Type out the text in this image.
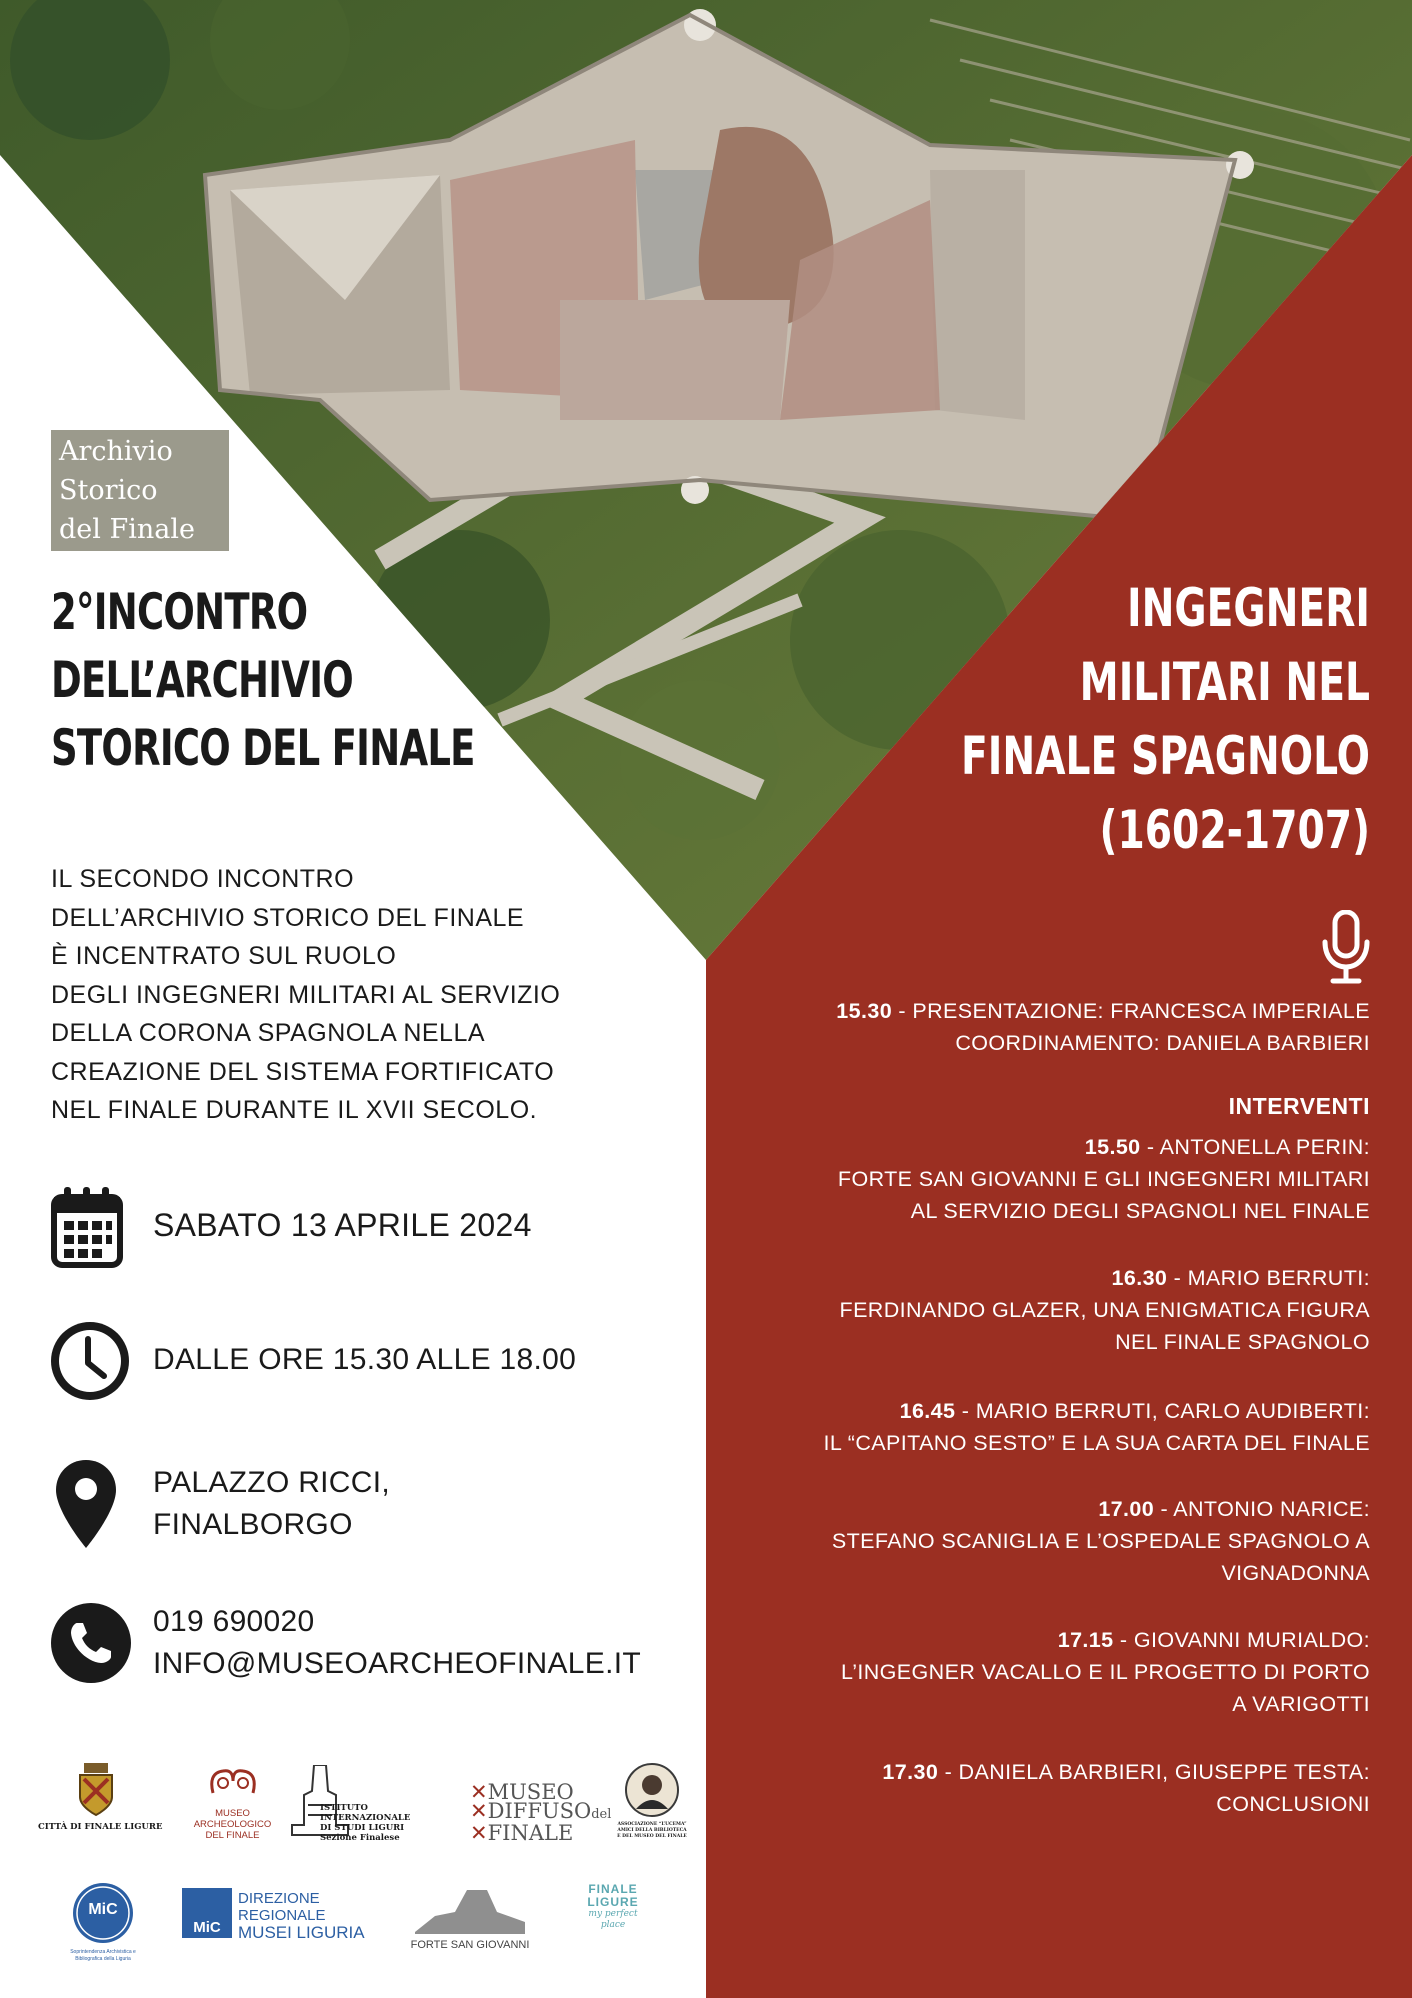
Archivio
Storico
del Finale
2°INCONTRO
DELL’ARCHIVIO
STORICO DEL FINALE
IL SECONDO INCONTRO
DELL’ARCHIVIO STORICO DEL FINALE
È INCENTRATO SUL RUOLO
DEGLI INGEGNERI MILITARI AL SERVIZIO
DELLA CORONA SPAGNOLA NELLA
CREAZIONE DEL SISTEMA FORTIFICATO
NEL FINALE DURANTE IL XVII SECOLO.
SABATO 13 APRILE 2024
DALLE ORE 15.30 ALLE 18.00
PALAZZO RICCI,
FINALBORGO
019 690020
INFO@MUSEOARCHEOFINALE.IT
INGEGNERI
MILITARI NEL
FINALE SPAGNOLO
(1602-1707)
15.30 - PRESENTAZIONE: FRANCESCA IMPERIALE
COORDINAMENTO: DANIELA BARBIERI
INTERVENTI
15.50 - ANTONELLA PERIN:
FORTE SAN GIOVANNI E GLI INGEGNERI MILITARI
AL SERVIZIO DEGLI SPAGNOLI NEL FINALE
16.30 - MARIO BERRUTI:
FERDINANDO GLAZER, UNA ENIGMATICA FIGURA
NEL FINALE SPAGNOLO
16.45 - MARIO BERRUTI, CARLO AUDIBERTI:
IL “CAPITANO SESTO” E LA SUA CARTA DEL FINALE
17.00 - ANTONIO NARICE:
STEFANO SCANIGLIA E L’OSPEDALE SPAGNOLO A
VIGNADONNA
17.15 - GIOVANNI MURIALDO:
L’INGEGNER VACALLO E IL PROGETTO DI PORTO
A VARIGOTTI
17.30 - DANIELA BARBIERI, GIUSEPPE TESTA:
CONCLUSIONI
CITTÀ DI FINALE LIGURE
MUSEO
ARCHEOLOGICO
DEL FINALE
ISTITUTO
INTERNAZIONALE
DI STUDI LIGURI
Sezione Finalese
✕MUSEO
✕DIFFUSOdel
✕FINALE	ASSOCIAZIONE “L’UCEMA”
AMICI DELLA BIBLIOTECA
E DEL MUSEO DEL FINALE
MiC
Soprintendenza Archivistica e Bibliografica della Liguria
MiC
DIREZIONE
REGIONALE
MUSEI LIGURIA
FORTE SAN GIOVANNI
FINALE
LIGURE
my perfect place
